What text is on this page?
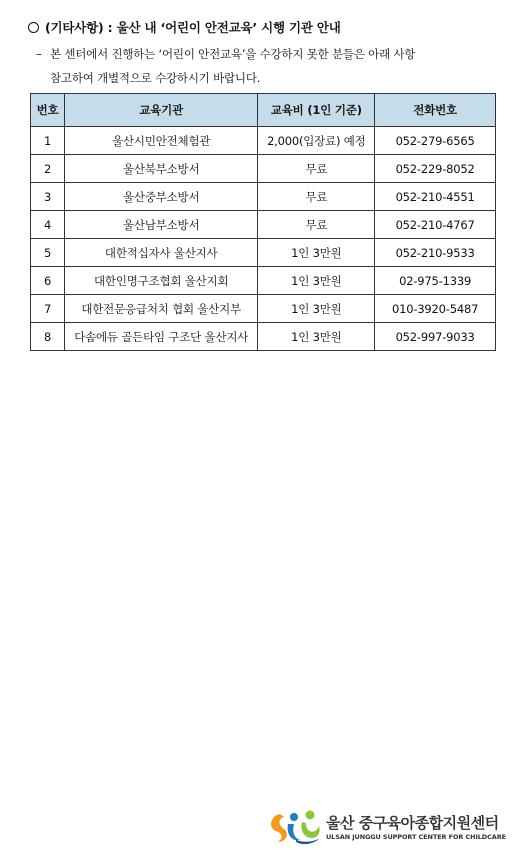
(기타사항) : 울산 내 ‘어린이 안전교육’ 시행 기관 안내
– 본 센터에서 진행하는 ‘어린이 안전교육’을 수강하지 못한 분들은 아래 사항
참고하여 개별적으로 수강하시기 바랍니다.
번호	교육기관	교육비 (1인 기준)	전화번호
1	울산시민안전체험관	2,000(입장료) 예정	052-279-6565
2	울산북부소방서	무료	052-229-8052
3	울산중부소방서	무료	052-210-4551
4	울산남부소방서	무료	052-210-4767
5	대한적십자사 울산지사	1인 3만원	052-210-9533
6	대한인명구조협회 울산지회	1인 3만원	02-975-1339
7	대한전문응급처치 협회 울산지부	1인 3만원	010-3920-5487
8	다솜에듀 골든타임 구조단 울산지사	1인 3만원	052-997-9033
울산 중구육아종합지원센터
ULSAN JUNGGU SUPPORT CENTER FOR CHILDCARE
